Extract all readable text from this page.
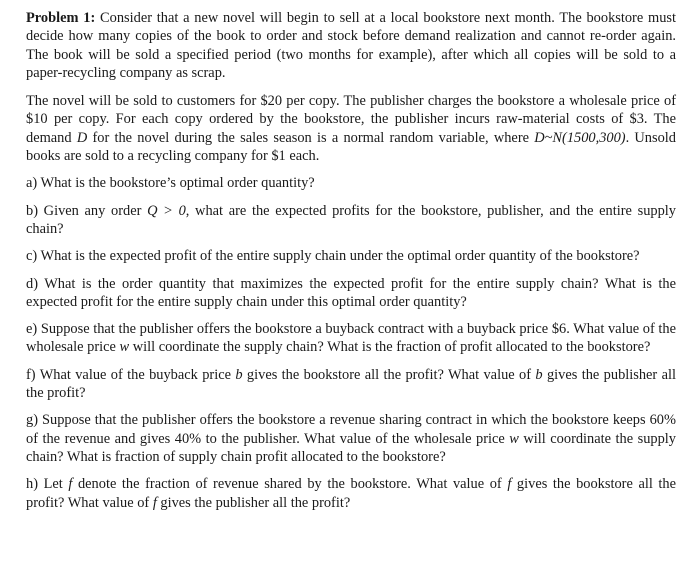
Problem 1: Consider that a new novel will begin to sell at a local bookstore next month. The bookstore must decide how many copies of the book to order and stock before demand realization and cannot re-order again. The book will be sold a specified period (two months for example), after which all copies will be sold to a paper-recycling company as scrap.

The novel will be sold to customers for $20 per copy. The publisher charges the bookstore a wholesale price of $10 per copy. For each copy ordered by the bookstore, the publisher incurs raw-material costs of $3. The demand D for the novel during the sales season is a normal random variable, where D~N(1500,300). Unsold books are sold to a recycling company for $1 each.

a) What is the bookstore’s optimal order quantity?

b) Given any order Q > 0, what are the expected profits for the bookstore, publisher, and the entire supply chain?

c) What is the expected profit of the entire supply chain under the optimal order quantity of the bookstore?

d) What is the order quantity that maximizes the expected profit for the entire supply chain? What is the expected profit for the entire supply chain under this optimal order quantity?

e) Suppose that the publisher offers the bookstore a buyback contract with a buyback price $6. What value of the wholesale price w will coordinate the supply chain? What is the fraction of profit allocated to the bookstore?

f) What value of the buyback price b gives the bookstore all the profit? What value of b gives the publisher all the profit?

g) Suppose that the publisher offers the bookstore a revenue sharing contract in which the bookstore keeps 60% of the revenue and gives 40% to the publisher. What value of the wholesale price w will coordinate the supply chain? What is fraction of supply chain profit allocated to the bookstore?

h) Let f denote the fraction of revenue shared by the bookstore. What value of f gives the bookstore all the profit? What value of f gives the publisher all the profit?
